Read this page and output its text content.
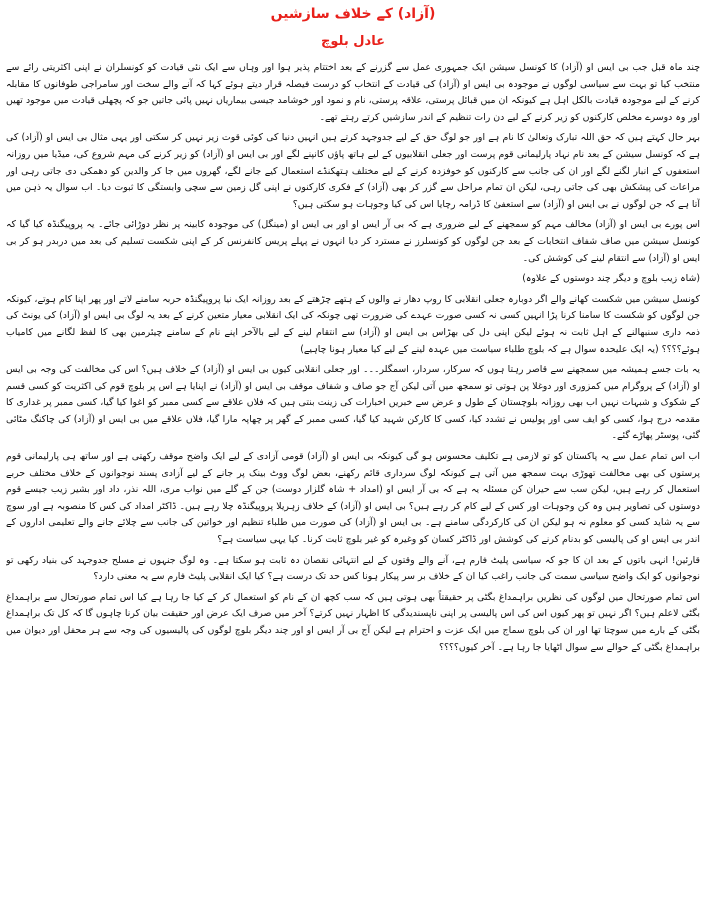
(آزاد) کے خلاف سازشیں
عادل بلوچ

چند ماہ قبل جب بی ایس او (آزاد) کا کونسل سیشن ایک جمہوری عمل سے گزرنے کے بعد اختتام پذیر ہوا اور وہاں سے ایک نئی قیادت کو کونسلران نے اپنی اکثریتی رائے سے منتخب کیا تو بہت سے سیاسی لوگوں نے موجودہ بی ایس او (آزاد) کی قیادت کے انتخاب کو درست فیصلہ قرار دیتے ہوئے کہا کہ آنے والے سخت اور سامراجی طوفانوں کا مقابلہ کرنے کے لیے موجودہ قیادت بالکل اہل ہے کیونکہ ان میں قبائل پرستی، علاقہ پرستی، نام و نمود اور خوشامد جیسی بیماریاں نہیں پائی جاتیں جو کہ پچھلی قیادت میں موجود تھیں اور وہ دوسرے مخلص کارکنوں کو زیر کرنے کے لیے دن رات تنظیم کے اندر سازشیں کرتے رہتے تھے۔

بہر حال کہتے ہیں کہ حق اللہ تبارک وتعالیٰ کا نام ہے اور جو لوگ حق کے لیے جدوجہد کرتے ہیں انہیں دنیا کی کوئی قوت زیر نہیں کر سکتی اور یہی مثال بی ایس او (آزاد) کی ہے کہ کونسل سیشن کے بعد نام نہاد پارلیمانی قوم پرست اور جعلی انقلابیوں کے لیے ہاتھ پاؤں کانپنے لگے اور بی ایس او (آزاد) کو زیر کرنے کی مہم شروع کی، میڈیا میں روزانہ استعفوں کے انبار لگنے لگے اور ان کی جانب سے کارکنوں کو خوفزدہ کرنے کے لیے مختلف ہتھکنڈے استعمال کیے جانے لگے، گھروں میں جا کر والدین کو دھمکی دی جاتی رہی اور مراعات کی پیشکش بھی کی جاتی رہی، لیکن ان تمام مراحل سے گزر کر بھی (آزاد) کے فکری کارکنوں نے اپنی گل زمین سے سچی وابستگی کا ثبوت دیا۔ اب سوال یہ ذہن میں آتا ہے کہ جن لوگوں نے بی ایس او (آزاد) سے استعفیٰ کا ڈرامہ رچایا اس کی کیا وجوہات ہو سکتی ہیں؟

اس پورے بی ایس او (آزاد) مخالف مہم کو سمجھنے کے لیے ضروری ہے کہ بی آر ایس او اور بی ایس او (مینگل) کی موجودہ کابینہ پر نظر دوڑائی جائے۔ یہ پروپیگنڈہ کیا گیا کہ کونسل سیشن میں صاف شفاف انتخابات کے بعد جن لوگوں کو کونسلرز نے مسترد کر دیا انہوں نے پہلے پریس کانفرنس کر کے اپنی شکست تسلیم کی بعد میں دربدر ہو کر بی ایس او (آزاد) سے انتقام لینے کی کوشش کی۔

(شاہ زیب بلوچ و دیگر چند دوستوں کے علاوہ)

کونسل سیشن میں شکست کھانے والے اگر دوبارہ جعلی انقلابی کا روپ دھار نے والوں کے ہتھے چڑھتے کے بعد روزانہ ایک نیا پروپیگنڈہ حربہ سامنے لاتے اور پھر اپنا کام ہوتے، کیونکہ جن لوگوں کو شکست کا سامنا کرنا پڑا انہیں کسی نہ کسی صورت عہدے کی ضرورت تھی چونکہ کی ایک انقلابی معیار متعین کرنے کے بعد یہ لوگ بی ایس او (آزاد) کی یونٹ کی ذمہ داری سنبھالنے کے اہل ثابت نہ ہوئے لیکن اپنی دل کی بھڑاس بی ایس او (آزاد) سے انتقام لینے کے لیے بالآخر اپنے نام کے سامنے چیئرمین بھی کا لفظ لگانے میں کامیاب ہوئے؟؟؟؟ (یہ ایک علیحدہ سوال ہے کہ بلوچ طلباء سیاست میں عہدہ لینے کے لیے کیا معیار ہونا چاہیے)

یہ بات جسے ہمیشہ میں سمجھنے سے قاصر رہتا ہوں کہ سرکار، سردار، اسمگلر۔۔۔ اور جعلی انقلابی کیوں بی ایس او (آزاد) کے خلاف ہیں؟ اس کی مخالفت کی وجہ بی ایس او (آزاد) کے پروگرام میں کمزوری اور دوغلا پن ہوتی تو سمجھ میں آتی لیکن آج جو صاف و شفاف موقف بی ایس او (آزاد) نے اپنایا ہے اس پر بلوچ قوم کی اکثریت کو کسی قسم کے شکوک و شبہات نہیں اب بھی روزانہ بلوچستان کے طول و عرض سے خبریں اخبارات کی زینت بنتی ہیں کہ فلاں علاقے سے کسی ممبر کو اغوا کیا گیا، کسی ممبر پر غداری کا مقدمہ درج ہوا، کسی کو ایف سی اور پولیس نے تشدد کیا، کسی کا کارکن شہید کیا گیا، کسی ممبر کے گھر پر چھاپہ مارا گیا، فلاں علاقے میں بی ایس او (آزاد) کی چاکنگ مٹائی گئی، پوسٹر پھاڑے گئے۔

اب اس تمام عمل سے یہ پاکستان کو تو لازمی ہے تکلیف محسوس ہو گی کیونکہ بی ایس او (آزاد) قومی آزادی کے لیے ایک واضح موقف رکھتی ہے اور ساتھ ہی پارلیمانی قوم پرستوں کی بھی مخالفت تھوڑی بہت سمجھ میں آتی ہے کیونکہ لوگ سرداری قائم رکھنے، بعض لوگ ووٹ بینک پر جانے کے لیے آزادی پسند نوجوانوں کے خلاف مختلف حربے استعمال کر رہے ہیں، لیکن سب سے حیران کن مسئلہ یہ ہے کہ بی آر ایس او (امداد + شاہ گلزار دوست) جن کے گلے میں نواب مری، اللہ نذر، داد اور بشیر زیب جیسے قوم دوستوں کی تصاویر ہیں وہ کن وجوہات اور کس کے لیے کام کر رہے ہیں؟ بی ایس او (آزاد) کے خلاف زہریلا پروپیگنڈہ چلا رہے ہیں۔ ڈاکٹر امداد کی کس کا منصوبہ ہے اور سوچ سے یہ شاید کسی کو معلوم نہ ہو لیکن ان کی کارکردگی سامنے ہے۔ بی ایس او (آزاد) کی صورت میں طلباء تنظیم اور خواتین کی جانب سے چلائے جانے والے تعلیمی اداروں کے اندر بی ایس او کی پالیسی کو بدنام کرنے کی کوشش اور ڈاکٹر کسان کو وغیرہ کو غیر بلوچ ثابت کرنا۔ کیا یہی سیاست ہے؟

قارئین! انہی باتوں کے بعد ان کا جو کہ سیاسی پلیٹ فارم ہے، آنے والے وقتوں کے لیے انتہائی نقصان دہ ثابت ہو سکتا ہے۔ وہ لوگ جنہوں نے مسلح جدوجہد کی بنیاد رکھی تو نوجوانوں کو ایک واضح سیاسی سمت کی جانب راغب کیا ان کے خلاف بر سر پیکار ہونا کس حد تک درست ہے؟ کیا ایک انقلابی پلیٹ فارم سے یہ معنی دارد؟

اس تمام صورتحال میں لوگوں کی نظریں براہمداغ بگٹی پر حقیقتاً بھی ہوتی ہیں کہ سب کچھ ان کے نام کو استعمال کر کے کیا جا رہا ہے کیا اس تمام صورتحال سے براہمداغ بگٹی لاعلم ہیں؟ اگر نہیں تو پھر کیوں اس کی اس پالیسی پر اپنی ناپسندیدگی کا اظہار نہیں کرتے؟ آخر میں صرف ایک عرض اور حقیقت بیان کرنا چاہوں گا کہ کل تک براہمداغ بگٹی کے بارے میں سوچتا تھا اور ان کی بلوچ سماج میں ایک عزت و احترام ہے لیکن آج بی آر ایس او اور چند دیگر بلوچ لوگوں کی پالیسیوں کی وجہ سے ہر محفل اور دیوان میں براہمداغ بگٹی کے حوالے سے سوال اٹھایا جا رہا ہے۔ آخر کیوں؟؟؟؟
